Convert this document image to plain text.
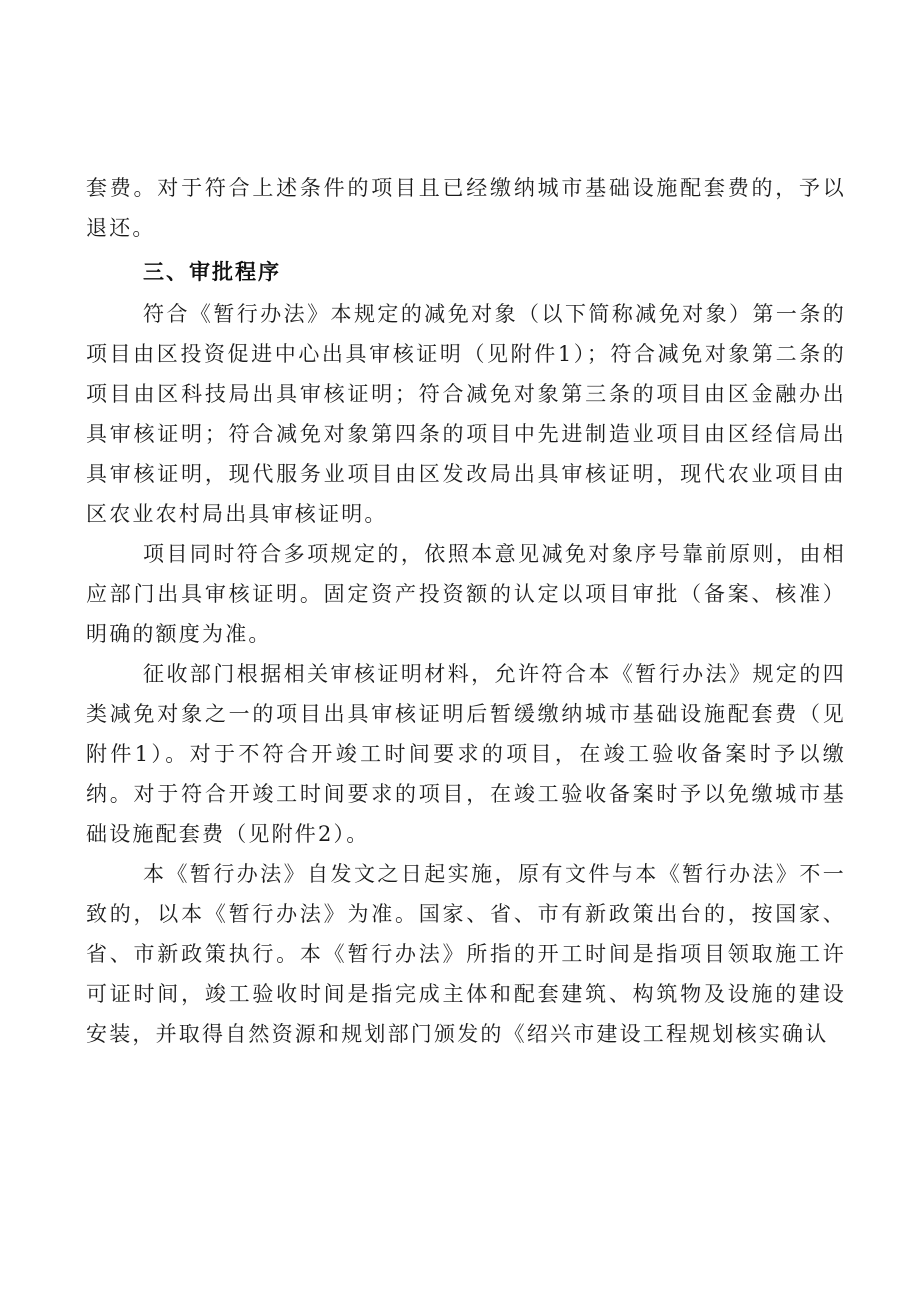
套费。对于符合上述条件的项目且已经缴纳城市基础设施配套费的，予以退还。

三、审批程序

符合《暂行办法》本规定的减免对象（以下简称减免对象）第一条的项目由区投资促进中心出具审核证明（见附件1）；符合减免对象第二条的项目由区科技局出具审核证明；符合减免对象第三条的项目由区金融办出具审核证明；符合减免对象第四条的项目中先进制造业项目由区经信局出具审核证明，现代服务业项目由区发改局出具审核证明，现代农业项目由区农业农村局出具审核证明。

项目同时符合多项规定的，依照本意见减免对象序号靠前原则，由相应部门出具审核证明。固定资产投资额的认定以项目审批（备案、核准）明确的额度为准。

征收部门根据相关审核证明材料，允许符合本《暂行办法》规定的四类减免对象之一的项目出具审核证明后暂缓缴纳城市基础设施配套费（见附件1）。对于不符合开竣工时间要求的项目，在竣工验收备案时予以缴纳。对于符合开竣工时间要求的项目，在竣工验收备案时予以免缴城市基础设施配套费（见附件2）。

本《暂行办法》自发文之日起实施，原有文件与本《暂行办法》不一致的，以本《暂行办法》为准。国家、省、市有新政策出台的，按国家、省、市新政策执行。本《暂行办法》所指的开工时间是指项目领取施工许可证时间，竣工验收时间是指完成主体和配套建筑、构筑物及设施的建设安装，并取得自然资源和规划部门颁发的《绍兴市建设工程规划核实确认
